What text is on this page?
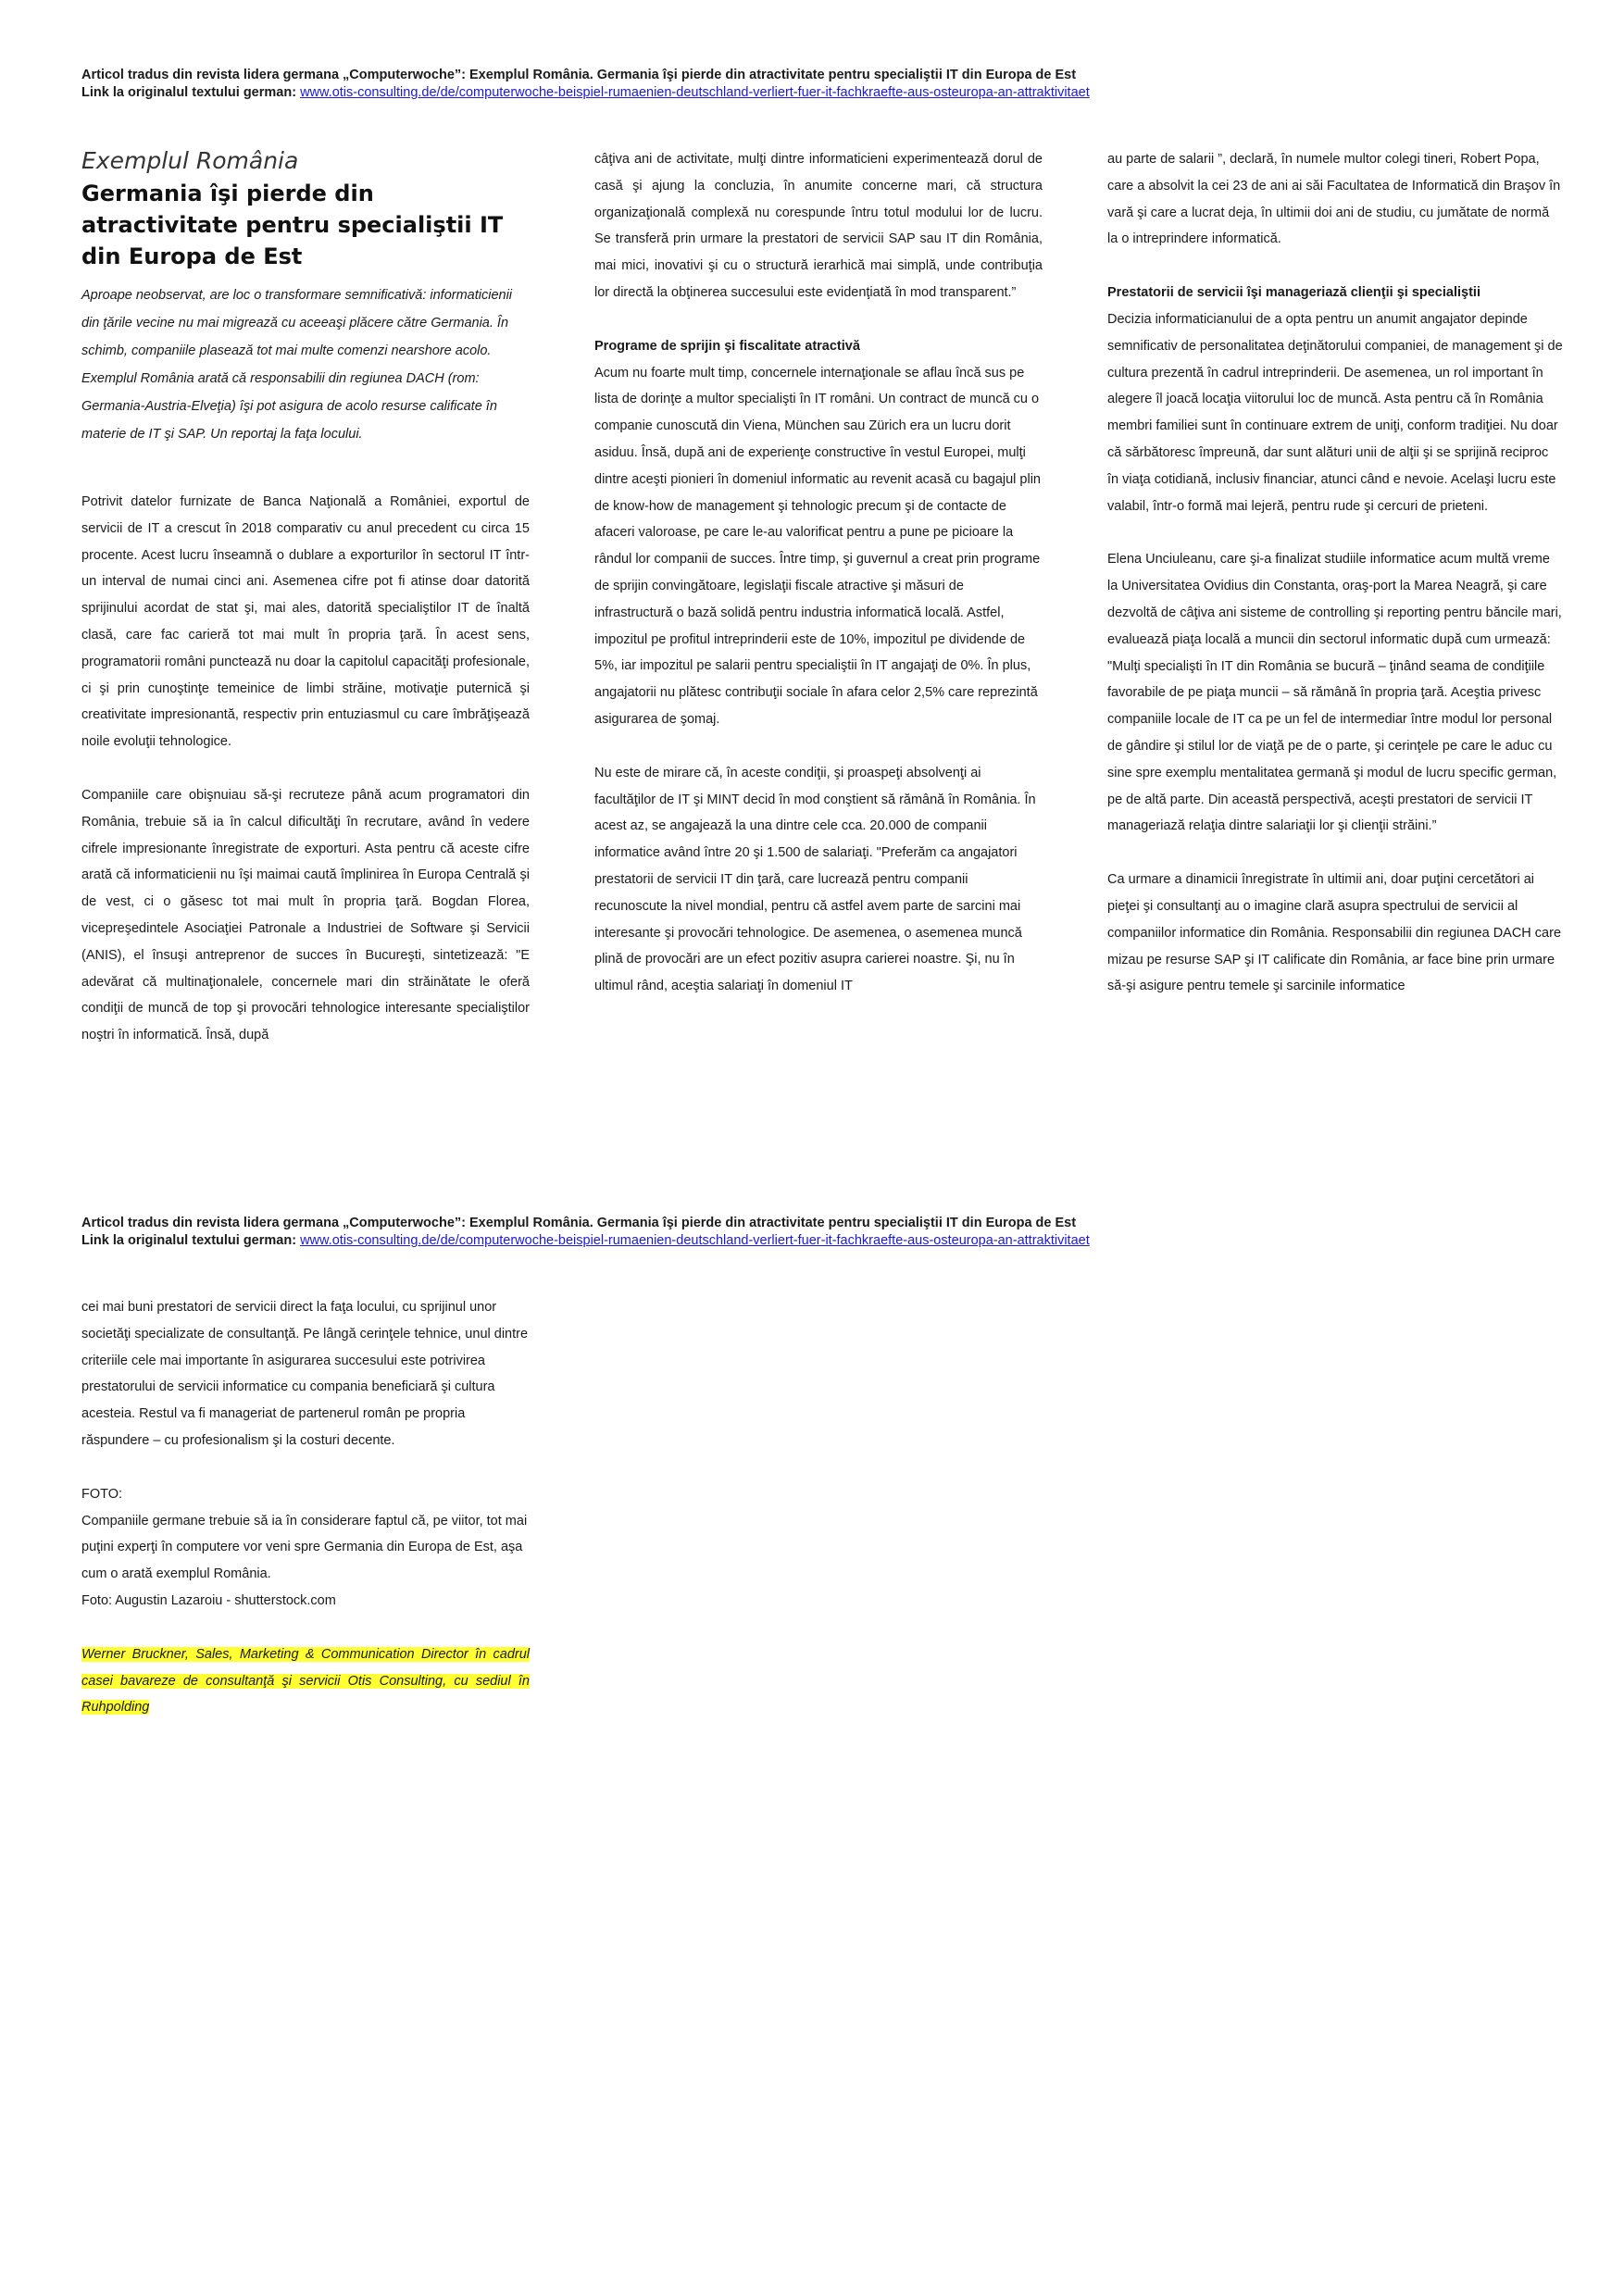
Articol tradus din revista lidera germana „Computerwoche”: Exemplul România. Germania îşi pierde din atractivitate pentru specialiştii IT din Europa de Est
Link la originalul textului german: www.otis-consulting.de/de/computerwoche-beispiel-rumaenien-deutschland-verliert-fuer-it-fachkraefte-aus-osteuropa-an-attraktivitaet
Exemplul România
Germania îşi pierde din atractivitate pentru specialiştii IT din Europa de Est

Aproape neobservat, are loc o transformare semnificativă: informaticienii din ţările vecine nu mai migrează cu aceeaşi plăcere către Germania. În schimb, companiile plasează tot mai multe comenzi nearshore acolo. Exemplul România arată că responsabilii din regiunea DACH (rom: Germania-Austria-Elveţia) îşi pot asigura de acolo resurse calificate în materie de IT şi SAP. Un reportaj la faţa locului.

Potrivit datelor furnizate de Banca Naţională a României, exportul de servicii de IT a crescut în 2018 comparativ cu anul precedent cu circa 15 procente. Acest lucru înseamnă o dublare a exporturilor în sectorul IT într-un interval de numai cinci ani. Asemenea cifre pot fi atinse doar datorită sprijinului acordat de stat şi, mai ales, datorită specialiştilor IT de înaltă clasă, care fac carieră tot mai mult în propria ţară. În acest sens, programatorii români punctează nu doar la capitolul capacităţi profesionale, ci şi prin cunoştinţe temeinice de limbi străine, motivaţie puternică şi creativitate impresionantă, respectiv prin entuziasmul cu care îmbrăţişează noile evoluţii tehnologice.

Companiile care obişnuiau să-şi recruteze până acum programatori din România, trebuie să ia în calcul dificultăţi în recrutare, având în vedere cifrele impresionante înregistrate de exporturi. Asta pentru că aceste cifre arată că informaticienii nu îşi maimai caută împlinirea în Europa Centrală şi de vest, ci o găsesc tot mai mult în propria ţară. Bogdan Florea, vicepreşedintele Asociaţiei Patronale a Industriei de Software şi Servicii (ANIS), el însuşi antreprenor de succes în Bucureşti, sintetizează: "E adevărat că multinaţionalele, concernele mari din străinătate le oferă condiţii de muncă de top şi provocări tehnologice interesante specialiştilor noştri în informatică. Însă, după

câţiva ani de activitate, mulţi dintre informaticieni experimentează dorul de casă şi ajung la concluzia, în anumite concerne mari, că structura organizaţională complexă nu corespunde întru totul modului lor de lucru. Se transferă prin urmare la prestatori de servicii SAP sau IT din România, mai mici, inovativi şi cu o structură ierarhică mai simplă, unde contribuţia lor directă la obţinerea succesului este evidenţiată în mod transparent.”

Programe de sprijin şi fiscalitate atractivă

Acum nu foarte mult timp, concernele internaţionale se aflau încă sus pe lista de dorinţe a multor specialişti în IT români. Un contract de muncă cu o companie cunoscută din Viena, München sau Zürich era un lucru dorit asiduu. Însă, după ani de experienţe constructive în vestul Europei, mulţi dintre aceşti pionieri în domeniul informatic au revenit acasă cu bagajul plin de know-how de management şi tehnologic precum şi de contacte de afaceri valoroase, pe care le-au valorificat pentru a pune pe picioare la rândul lor companii de succes. Între timp, şi guvernul a creat prin programe de sprijin convingătoare, legislaţii fiscale atractive şi măsuri de infrastructură o bază solidă pentru industria informatică locală. Astfel, impozitul pe profitul intreprinderii este de 10%, impozitul pe dividende de 5%, iar impozitul pe salarii pentru specialiştii în IT angajaţi de 0%. În plus, angajatorii nu plătesc contribuţii sociale în afara celor 2,5% care reprezintă asigurarea de şomaj.

Nu este de mirare că, în aceste condiţii, şi proaspeţi absolvenţi ai facultăţilor de IT şi MINT decid în mod conştient să rămână în România. În acest az, se angajează la una dintre cele cca. 20.000 de companii informatice având între 20 şi 1.500 de salariaţi. "Preferăm ca angajatori prestatorii de servicii IT din ţară, care lucrează pentru companii recunoscute la nivel mondial, pentru că astfel avem parte de sarcini mai interesante şi provocări tehnologice. De asemenea, o asemenea muncă plină de provocări are un efect pozitiv asupra carierei noastre. Şi, nu în ultimul rând, aceştia salariaţi în domeniul IT

au parte de salarii ”, declară, în numele multor colegi tineri, Robert Popa, care a absolvit la cei 23 de ani ai săi Facultatea de Informatică din Braşov în vară şi care a lucrat deja, în ultimii doi ani de studiu, cu jumătate de normă la o intreprindere informatică.

Prestatorii de servicii îşi manageriază clienţii şi specialiştii

Decizia informaticianului de a opta pentru un anumit angajator depinde semnificativ de personalitatea deţinătorului companiei, de management şi de cultura prezentă în cadrul intreprinderii. De asemenea, un rol important în alegere îl joacă locaţia viitorului loc de muncă. Asta pentru că în România membri familiei sunt în continuare extrem de uniţi, conform tradiţiei. Nu doar că sărbătoresc împreună, dar sunt alături unii de alţii şi se sprijină reciproc în viaţa cotidiană, inclusiv financiar, atunci când e nevoie. Acelaşi lucru este valabil, într-o formă mai lejeră, pentru rude şi cercuri de prieteni.

Elena Unciuleanu, care şi-a finalizat studiile informatice acum multă vreme la Universitatea Ovidius din Constanta, oraş-port la Marea Neagră, şi care dezvoltă de câţiva ani sisteme de controlling şi reporting pentru băncile mari, evaluează piaţa locală a muncii din sectorul informatic după cum urmează: "Mulţi specialişti în IT din România se bucură – ţinând seama de condiţiile favorabile de pe piaţa muncii – să rămână în propria ţară. Aceştia privesc companiile locale de IT ca pe un fel de intermediar între modul lor personal de gândire şi stilul lor de viaţă pe de o parte, şi cerinţele pe care le aduc cu sine spre exemplu mentalitatea germană şi modul de lucru specific german, pe de altă parte. Din această perspectivă, aceşti prestatori de servicii IT manageriază relaţia dintre salariaţii lor şi clienţii străini.”

Ca urmare a dinamicii înregistrate în ultimii ani, doar puţini cercetători ai pieţei şi consultanţi au o imagine clară asupra spectrului de servicii al companiilor informatice din România. Responsabilii din regiunea DACH care mizau pe resurse SAP şi IT calificate din România, ar face bine prin urmare să-şi asigure pentru temele şi sarcinile informatice

Articol tradus din revista lidera germana „Computerwoche”: Exemplul România. Germania îşi pierde din atractivitate pentru specialiştii IT din Europa de Est
Link la originalul textului german: www.otis-consulting.de/de/computerwoche-beispiel-rumaenien-deutschland-verliert-fuer-it-fachkraefte-aus-osteuropa-an-attraktivitaet

cei mai buni prestatori de servicii direct la faţa locului, cu sprijinul unor societăţi specializate de consultanţă. Pe lângă cerinţele tehnice, unul dintre criteriile cele mai importante în asigurarea succesului este potrivirea prestatorului de servicii informatice cu compania beneficiară şi cultura acesteia. Restul va fi manageriat de partenerul român pe propria răspundere – cu profesionalism şi la costuri decente.

FOTO:

Companiile germane trebuie să ia în considerare faptul că, pe viitor, tot mai puţini experţi în computere vor veni spre Germania din Europa de Est, aşa cum o arată exemplul România.

Foto: Augustin Lazaroiu - shutterstock.com

Werner Bruckner, Sales, Marketing & Communication Director în cadrul casei bavareze de consultanţă şi servicii Otis Consulting, cu sediul în Ruhpolding
